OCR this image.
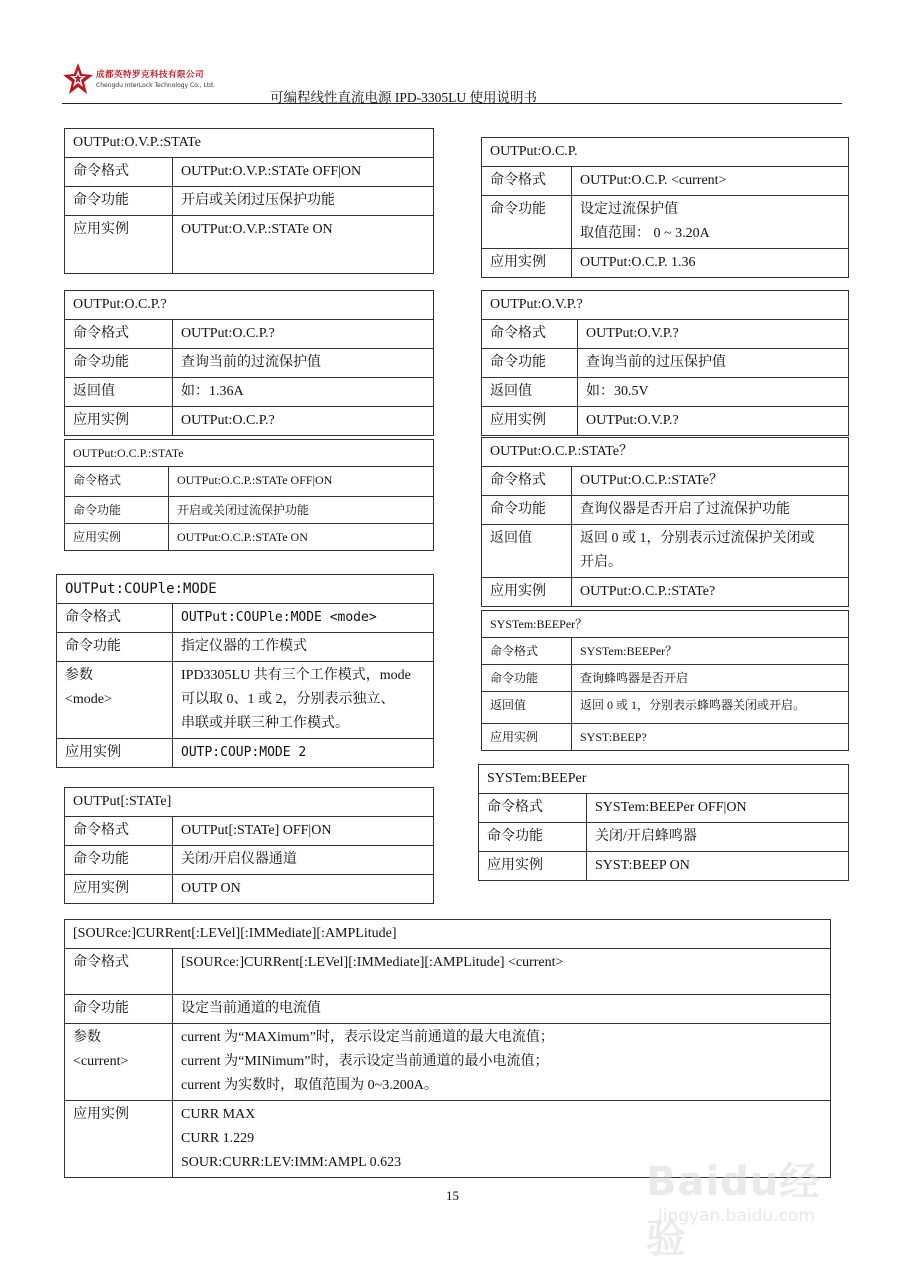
成都英特罗克科技有限公司
Chengdu InterLock Technology Co., Ltd.
可编程线性直流电源 IPD-3305LU 使用说明书
OUTPut:O.V.P.:STATe	
命令格式	OUTPut:O.V.P.:STATe OFF|ON
命令功能	开启或关闭过压保护功能
应用实例	OUTPut:O.V.P.:STATe ON
OUTPut:O.C.P.	
命令格式	OUTPut:O.C.P. <current>
命令功能	设定过流保护值
取值范围： 0 ~ 3.20A

应用实例	OUTPut:O.C.P. 1.36
OUTPut:O.C.P.?	
命令格式	OUTPut:O.C.P.?
命令功能	查询当前的过流保护值
返回值	如：1.36A
应用实例	OUTPut:O.C.P.?
OUTPut:O.V.P.?	
命令格式	OUTPut:O.V.P.?
命令功能	查询当前的过压保护值
返回值	如：30.5V
应用实例	OUTPut:O.V.P.?
OUTPut:O.C.P.:STATe	
命令格式	OUTPut:O.C.P.:STATe OFF|ON
命令功能	开启或关闭过流保护功能
应用实例	OUTPut:O.C.P.:STATe ON
OUTPut:O.C.P.:STATe？	
命令格式	OUTPut:O.C.P.:STATe？
命令功能	查询仪器是否开启了过流保护功能
返回值	返回 0 或 1，分别表示过流保护关闭或
开启。

应用实例	OUTPut:O.C.P.:STATe?
OUTPut:COUPle:MODE	
命令格式	OUTPut:COUPle:MODE <mode>
命令功能	指定仪器的工作模式

参数
<mode>	IPD3305LU 共有三个工作模式，mode
可以取 0、1 或 2，分别表示独立、
串联或并联三种工作模式。

应用实例	OUTP:COUP:MODE 2
SYSTem:BEEPer？	
命令格式	SYSTem:BEEPer？
命令功能	查询蜂鸣器是否开启
返回值	返回 0 或 1，分别表示蜂鸣器关闭或开启。
应用实例	SYST:BEEP?
SYSTem:BEEPer	
命令格式	SYSTem:BEEPer OFF|ON
命令功能	关闭/开启蜂鸣器
应用实例	SYST:BEEP ON
OUTPut[:STATe]	
命令格式	OUTPut[:STATe] OFF|ON
命令功能	关闭/开启仪器通道
应用实例	OUTP ON
[SOURce:]CURRent[:LEVel][:IMMediate][:AMPLitude]	
命令格式	[SOURce:]CURRent[:LEVel][:IMMediate][:AMPLitude] <current>
命令功能	设定当前通道的电流值

参数
<current>	current 为“MAXimum”时，表示设定当前通道的最大电流值；
current 为“MINimum”时，表示设定当前通道的最小电流值；
current 为实数时，取值范围为 0~3.200A。

应用实例	CURR MAX
CURR 1.229
SOUR:CURR:LEV:IMM:AMPL 0.623
15	Baidu经验
jingyan.baidu.com
